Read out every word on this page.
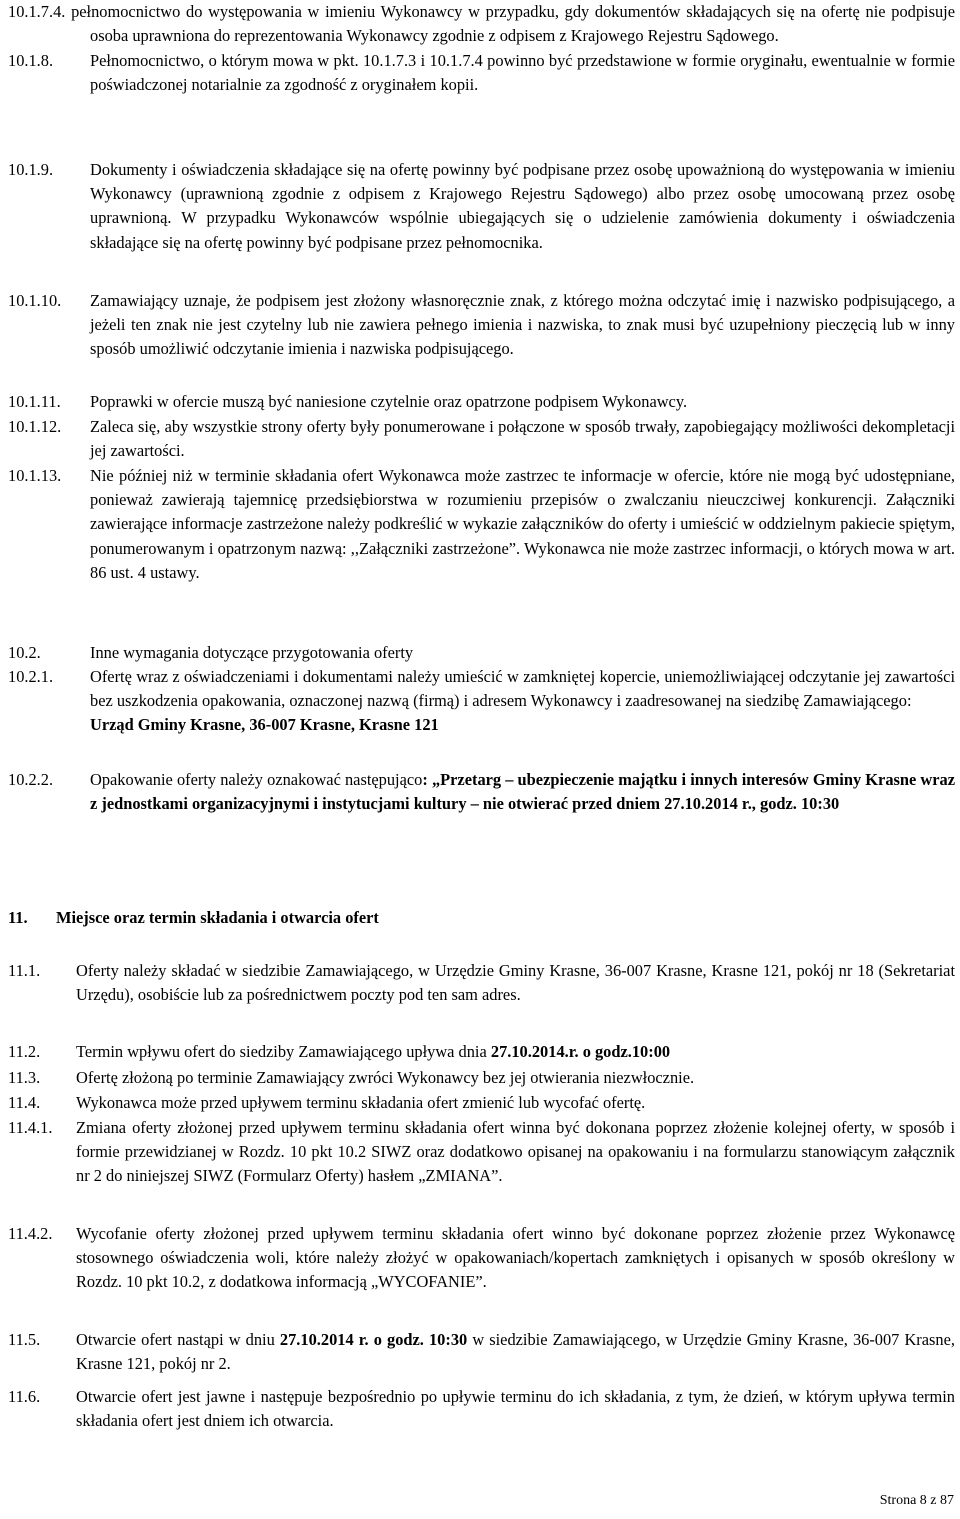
10.1.7.4. pełnomocnictwo do występowania w imieniu Wykonawcy w przypadku, gdy dokumentów składających się na ofertę nie podpisuje osoba uprawniona do reprezentowania Wykonawcy zgodnie z odpisem z Krajowego Rejestru Sądowego.
10.1.8. Pełnomocnictwo, o którym mowa w pkt. 10.1.7.3 i 10.1.7.4 powinno być przedstawione w formie oryginału, ewentualnie w formie poświadczonej notarialnie za zgodność z oryginałem kopii.
10.1.9. Dokumenty i oświadczenia składające się na ofertę powinny być podpisane przez osobę upoważnioną do występowania w imieniu Wykonawcy (uprawnioną zgodnie z odpisem z Krajowego Rejestru Sądowego) albo przez osobę umocowaną przez osobę uprawnioną. W przypadku Wykonawców wspólnie ubiegających się o udzielenie zamówienia dokumenty i oświadczenia składające się na ofertę powinny być podpisane przez pełnomocnika.
10.1.10. Zamawiający uznaje, że podpisem jest złożony własnoręcznie znak, z którego można odczytać imię i nazwisko podpisującego, a jeżeli ten znak nie jest czytelny lub nie zawiera pełnego imienia i nazwiska, to znak musi być uzupełniony pieczęcią lub w inny sposób umożliwić odczytanie imienia i nazwiska podpisującego.
10.1.11. Poprawki w ofercie muszą być naniesione czytelnie oraz opatrzone podpisem Wykonawcy.
10.1.12. Zaleca się, aby wszystkie strony oferty były ponumerowane i połączone w sposób trwały, zapobiegający możliwości dekompletacji jej zawartości.
10.1.13. Nie później niż w terminie składania ofert Wykonawca może zastrzec te informacje w ofercie, które nie mogą być udostępniane, ponieważ zawierają tajemnicę przedsiębiorstwa w rozumieniu przepisów o zwalczaniu nieuczciwej konkurencji. Załączniki zawierające informacje zastrzeżone należy podkreślić w wykazie załączników do oferty i umieścić w oddzielnym pakiecie spiętym, ponumerowanym i opatrzonym nazwą: ,,Załączniki zastrzeżone”. Wykonawca nie może zastrzec informacji, o których mowa w art. 86 ust. 4 ustawy.
10.2.	Inne wymagania dotyczące przygotowania oferty
10.2.1. Ofertę wraz z oświadczeniami i dokumentami należy umieścić w zamkniętej kopercie, uniemożliwiającej odczytanie jej zawartości bez uszkodzenia opakowania, oznaczonej nazwą (firmą) i adresem Wykonawcy i zaadresowanej na siedzibę Zamawiającego:
Urząd Gminy Krasne, 36-007 Krasne, Krasne 121
10.2.2. Opakowanie oferty należy oznakować następująco: „Przetarg – ubezpieczenie majątku i innych interesów Gminy Krasne wraz z jednostkami organizacyjnymi i instytucjami kultury – nie otwierać przed dniem 27.10.2014 r., godz. 10:30
11. Miejsce oraz termin składania i otwarcia ofert
11.1. Oferty należy składać w siedzibie Zamawiającego, w Urzędzie Gminy Krasne, 36-007 Krasne, Krasne 121, pokój nr 18 (Sekretariat Urzędu), osobiście lub za pośrednictwem poczty pod ten sam adres.
11.2. Termin wpływu ofert do siedziby Zamawiającego upływa dnia 27.10.2014.r. o godz.10:00
11.3. Ofertę złożoną po terminie Zamawiający zwróci Wykonawcy bez jej otwierania niezwłocznie.
11.4. Wykonawca może przed upływem terminu składania ofert zmienić lub wycofać ofertę.
11.4.1. Zmiana oferty złożonej przed upływem terminu składania ofert winna być dokonana poprzez złożenie kolejnej oferty, w sposób i formie przewidzianej w Rozdz. 10 pkt 10.2 SIWZ oraz dodatkowo opisanej na opakowaniu i na formularzu stanowiącym załącznik nr 2 do niniejszej SIWZ (Formularz Oferty) hasłem „ZMIANA”.
11.4.2. Wycofanie oferty złożonej przed upływem terminu składania ofert winno być dokonane poprzez złożenie przez Wykonawcę stosownego oświadczenia woli, które należy złożyć w opakowaniach/kopertach zamkniętych i opisanych w sposób określony w Rozdz. 10 pkt 10.2, z dodatkowa informacją „WYCOFANIE”.
11.5. Otwarcie ofert nastąpi w dniu 27.10.2014 r. o godz. 10:30 w siedzibie Zamawiającego, w Urzędzie Gminy Krasne, 36-007 Krasne, Krasne 121, pokój nr 2.
11.6. Otwarcie ofert jest jawne i następuje bezpośrednio po upływie terminu do ich składania, z tym, że dzień, w którym upływa termin składania ofert jest dniem ich otwarcia.
Strona 8 z 87
